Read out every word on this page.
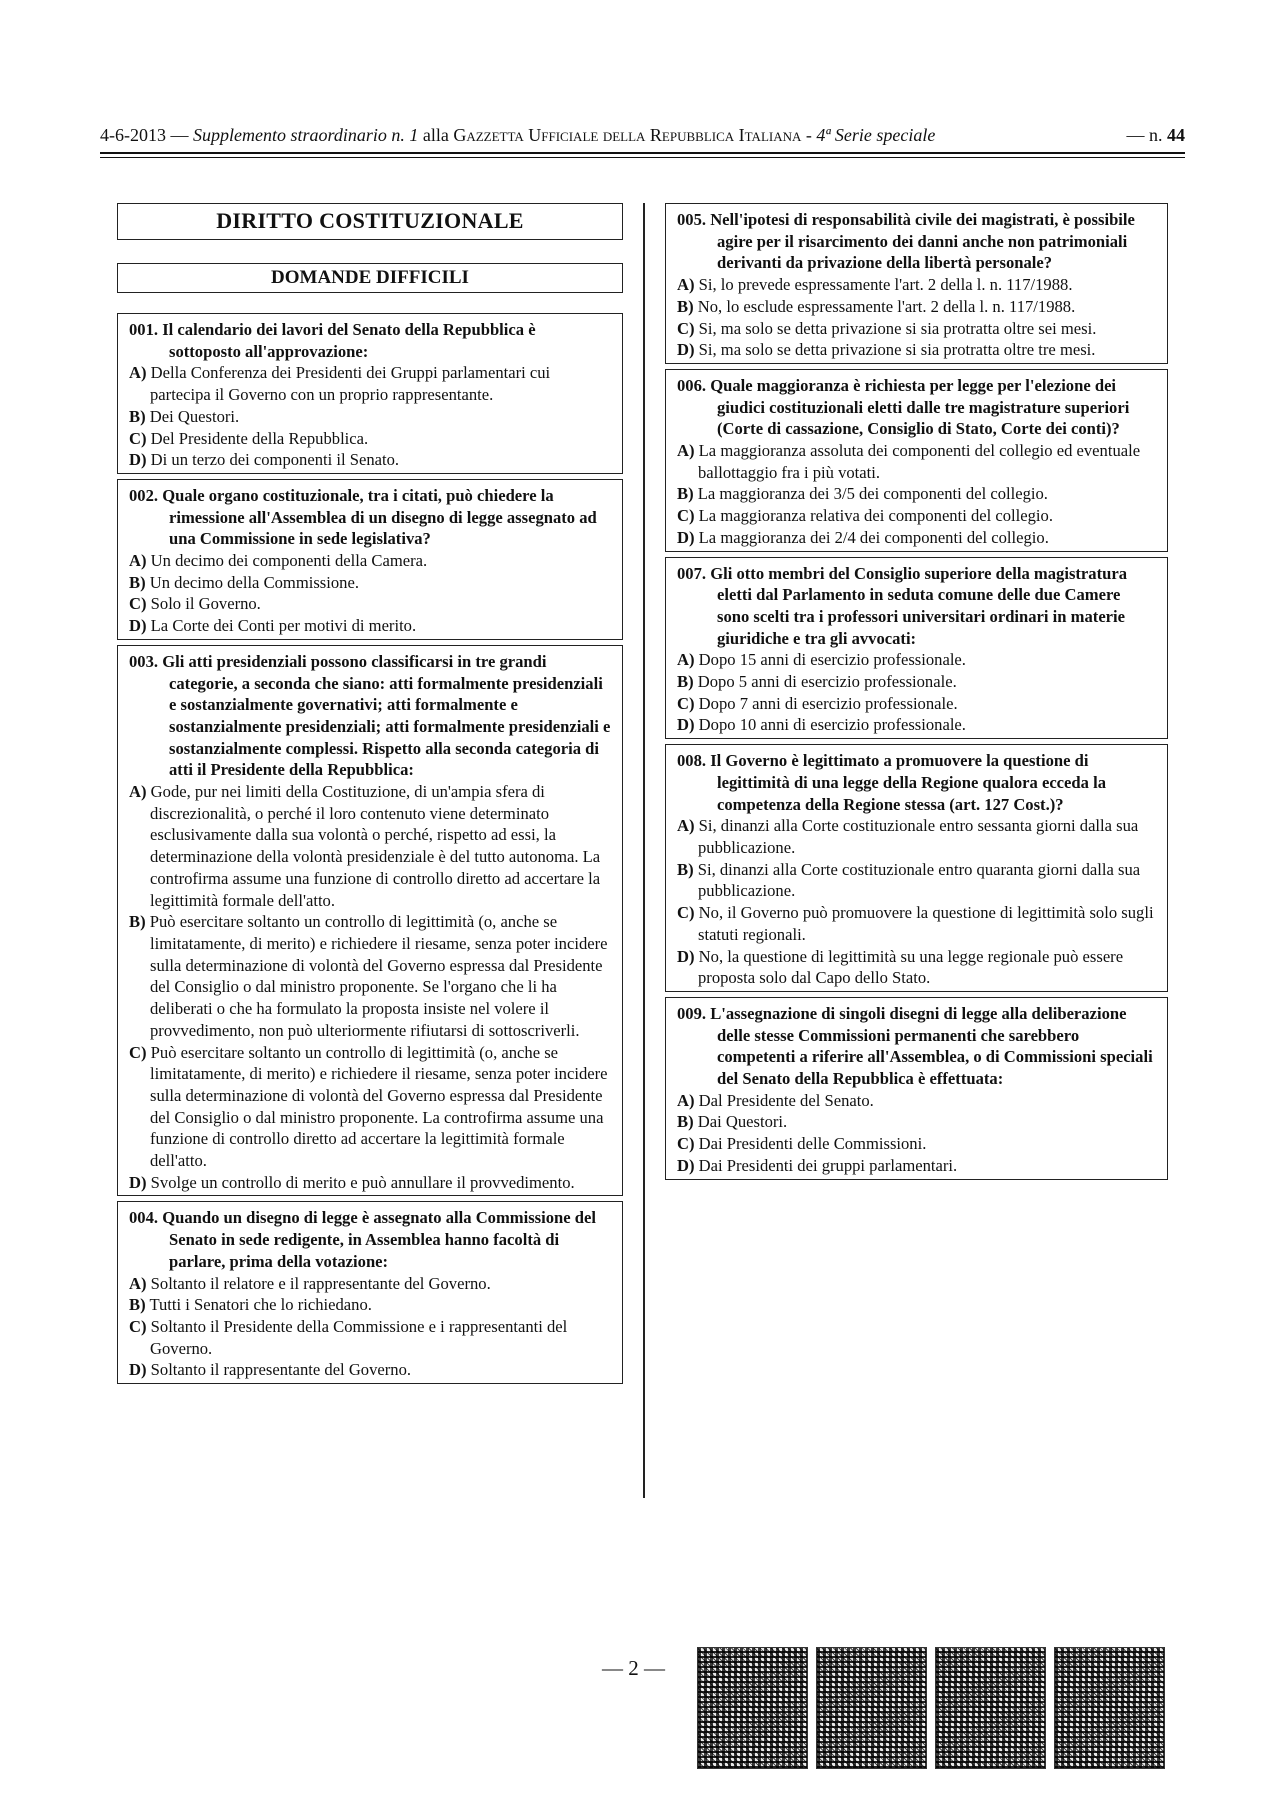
4-6-2013 — Supplemento straordinario n. 1 alla Gazzetta Ufficiale della Repubblica Italiana - 4ª Serie speciale	— n. 44
DIRITTO COSTITUZIONALE
DOMANDE DIFFICILI
001. Il calendario dei lavori del Senato della Repubblica è sottoposto all'approvazione:
A) Della Conferenza dei Presidenti dei Gruppi parlamentari cui partecipa il Governo con un proprio rappresentante.
B) Dei Questori.
C) Del Presidente della Repubblica.
D) Di un terzo dei componenti il Senato.
002. Quale organo costituzionale, tra i citati, può chiedere la rimessione all'Assemblea di un disegno di legge assegnato ad una Commissione in sede legislativa?
A) Un decimo dei componenti della Camera.
B) Un decimo della Commissione.
C) Solo il Governo.
D) La Corte dei Conti per motivi di merito.
003. Gli atti presidenziali possono classificarsi in tre grandi categorie, a seconda che siano: atti formalmente presidenziali e sostanzialmente governativi; atti formalmente e sostanzialmente presidenziali; atti formalmente presidenziali e sostanzialmente complessi. Rispetto alla seconda categoria di atti il Presidente della Repubblica:
A) Gode, pur nei limiti della Costituzione, di un'ampia sfera di discrezionalità, o perché il loro contenuto viene determinato esclusivamente dalla sua volontà o perché, rispetto ad essi, la determinazione della volontà presidenziale è del tutto autonoma. La controfirma assume una funzione di controllo diretto ad accertare la legittimità formale dell'atto.
B) Può esercitare soltanto un controllo di legittimità (o, anche se limitatamente, di merito) e richiedere il riesame, senza poter incidere sulla determinazione di volontà del Governo espressa dal Presidente del Consiglio o dal ministro proponente. Se l'organo che li ha deliberati o che ha formulato la proposta insiste nel volere il provvedimento, non può ulteriormente rifiutarsi di sottoscriverli.
C) Può esercitare soltanto un controllo di legittimità (o, anche se limitatamente, di merito) e richiedere il riesame, senza poter incidere sulla determinazione di volontà del Governo espressa dal Presidente del Consiglio o dal ministro proponente. La controfirma assume una funzione di controllo diretto ad accertare la legittimità formale dell'atto.
D) Svolge un controllo di merito e può annullare il provvedimento.
004. Quando un disegno di legge è assegnato alla Commissione del Senato in sede redigente, in Assemblea hanno facoltà di parlare, prima della votazione:
A) Soltanto il relatore e il rappresentante del Governo.
B) Tutti i Senatori che lo richiedano.
C) Soltanto il Presidente della Commissione e i rappresentanti del Governo.
D) Soltanto il rappresentante del Governo.
005. Nell'ipotesi di responsabilità civile dei magistrati, è possibile agire per il risarcimento dei danni anche non patrimoniali derivanti da privazione della libertà personale?
A) Si, lo prevede espressamente l'art. 2 della l. n. 117/1988.
B) No, lo esclude espressamente l'art. 2 della l. n. 117/1988.
C) Si, ma solo se detta privazione si sia protratta oltre sei mesi.
D) Si, ma solo se detta privazione si sia protratta oltre tre mesi.
006. Quale maggioranza è richiesta per legge per l'elezione dei giudici costituzionali eletti dalle tre magistrature superiori (Corte di cassazione, Consiglio di Stato, Corte dei conti)?
A) La maggioranza assoluta dei componenti del collegio ed eventuale ballottaggio fra i più votati.
B) La maggioranza dei 3/5 dei componenti del collegio.
C) La maggioranza relativa dei componenti del collegio.
D) La maggioranza dei 2/4 dei componenti del collegio.
007. Gli otto membri del Consiglio superiore della magistratura eletti dal Parlamento in seduta comune delle due Camere sono scelti tra i professori universitari ordinari in materie giuridiche e tra gli avvocati:
A) Dopo 15 anni di esercizio professionale.
B) Dopo 5 anni di esercizio professionale.
C) Dopo 7 anni di esercizio professionale.
D) Dopo 10 anni di esercizio professionale.
008. Il Governo è legittimato a promuovere la questione di legittimità di una legge della Regione qualora ecceda la competenza della Regione stessa (art. 127 Cost.)?
A) Si, dinanzi alla Corte costituzionale entro sessanta giorni dalla sua pubblicazione.
B) Si, dinanzi alla Corte costituzionale entro quaranta giorni dalla sua pubblicazione.
C) No, il Governo può promuovere la questione di legittimità solo sugli statuti regionali.
D) No, la questione di legittimità su una legge regionale può essere proposta solo dal Capo dello Stato.
009. L'assegnazione di singoli disegni di legge alla deliberazione delle stesse Commissioni permanenti che sarebbero competenti a riferire all'Assemblea, o di Commissioni speciali del Senato della Repubblica è effettuata:
A) Dal Presidente del Senato.
B) Dai Questori.
C) Dai Presidenti delle Commissioni.
D) Dai Presidenti dei gruppi parlamentari.
— 2 —
